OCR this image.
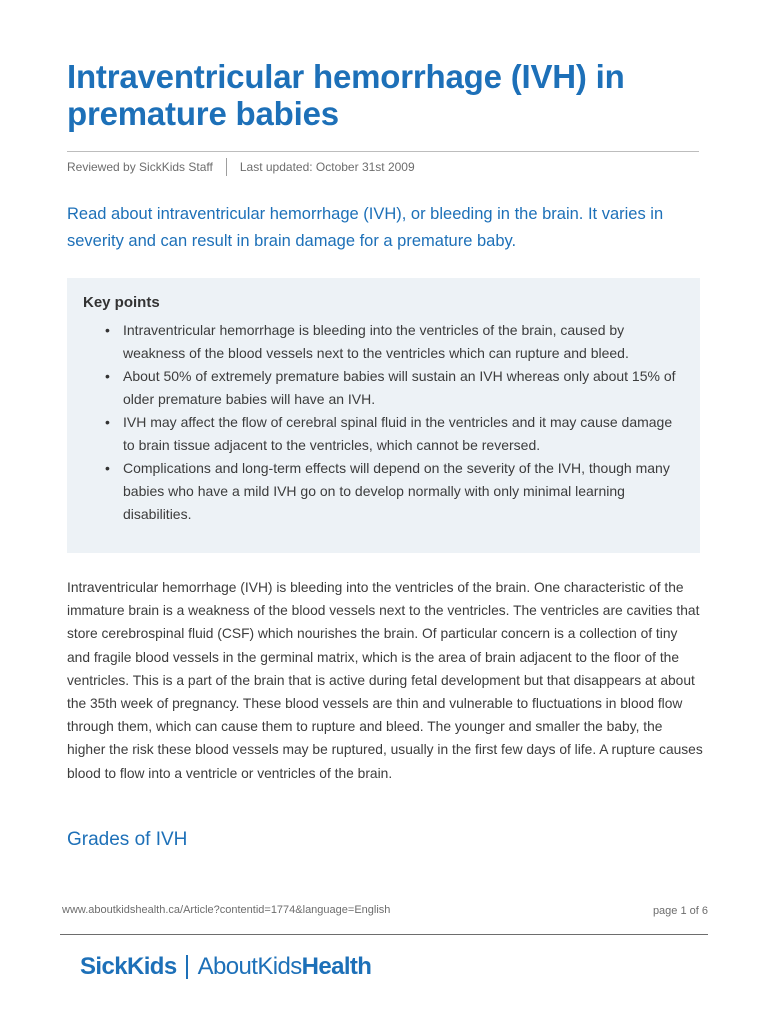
Intraventricular hemorrhage (IVH) in premature babies
Reviewed by SickKids Staff Last updated: October 31st 2009

Read about intraventricular hemorrhage (IVH), or bleeding in the brain. It varies in severity and can result in brain damage for a premature baby.

Key points
• Intraventricular hemorrhage is bleeding into the ventricles of the brain, caused by weakness of the blood vessels next to the ventricles which can rupture and bleed.
• About 50% of extremely premature babies will sustain an IVH whereas only about 15% of older premature babies will have an IVH.
• IVH may affect the flow of cerebral spinal fluid in the ventricles and it may cause damage to brain tissue adjacent to the ventricles, which cannot be reversed.
• Complications and long-term effects will depend on the severity of the IVH, though many babies who have a mild IVH go on to develop normally with only minimal learning disabilities.

Intraventricular hemorrhage (IVH) is bleeding into the ventricles of the brain. One characteristic of the immature brain is a weakness of the blood vessels next to the ventricles. The ventricles are cavities that store cerebrospinal fluid (CSF) which nourishes the brain. Of particular concern is a collection of tiny and fragile blood vessels in the germinal matrix, which is the area of brain adjacent to the floor of the ventricles. This is a part of the brain that is active during fetal development but that disappears at about the 35th week of pregnancy. These blood vessels are thin and vulnerable to fluctuations in blood flow through them, which can cause them to rupture and bleed. The younger and smaller the baby, the higher the risk these blood vessels may be ruptured, usually in the first few days of life. A rupture causes blood to flow into a ventricle or ventricles of the brain.

Grades of IVH
www.aboutkidshealth.ca/Article?contentid=1774&language=English	page 1 of 6
SickKids AboutKids Health
